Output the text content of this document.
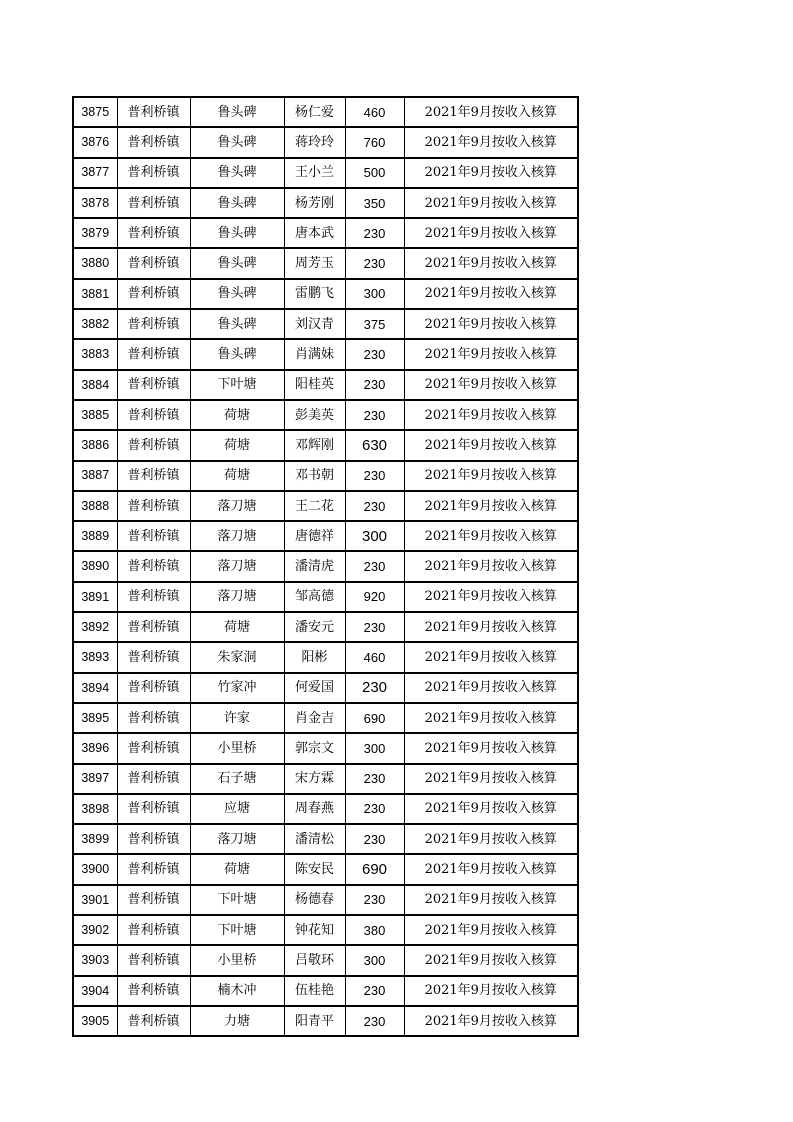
3875	普利桥镇	鲁头碑	杨仁爱	460	2021年9月按收入核算
3876	普利桥镇	鲁头碑	蒋玲玲	760	2021年9月按收入核算
3877	普利桥镇	鲁头碑	王小兰	500	2021年9月按收入核算
3878	普利桥镇	鲁头碑	杨芳刚	350	2021年9月按收入核算
3879	普利桥镇	鲁头碑	唐本武	230	2021年9月按收入核算
3880	普利桥镇	鲁头碑	周芳玉	230	2021年9月按收入核算
3881	普利桥镇	鲁头碑	雷鹏飞	300	2021年9月按收入核算
3882	普利桥镇	鲁头碑	刘汉青	375	2021年9月按收入核算
3883	普利桥镇	鲁头碑	肖满妹	230	2021年9月按收入核算
3884	普利桥镇	下叶塘	阳桂英	230	2021年9月按收入核算
3885	普利桥镇	荷塘	彭美英	230	2021年9月按收入核算
3886	普利桥镇	荷塘	邓辉刚	630	2021年9月按收入核算
3887	普利桥镇	荷塘	邓书朝	230	2021年9月按收入核算
3888	普利桥镇	落刀塘	王二花	230	2021年9月按收入核算
3889	普利桥镇	落刀塘	唐德祥	300	2021年9月按收入核算
3890	普利桥镇	落刀塘	潘清虎	230	2021年9月按收入核算
3891	普利桥镇	落刀塘	邹高德	920	2021年9月按收入核算
3892	普利桥镇	荷塘	潘安元	230	2021年9月按收入核算
3893	普利桥镇	朱家洞	阳彬	460	2021年9月按收入核算
3894	普利桥镇	竹家冲	何爱国	230	2021年9月按收入核算
3895	普利桥镇	许家	肖金吉	690	2021年9月按收入核算
3896	普利桥镇	小里桥	郭宗文	300	2021年9月按收入核算
3897	普利桥镇	石子塘	宋方霖	230	2021年9月按收入核算
3898	普利桥镇	应塘	周春燕	230	2021年9月按收入核算
3899	普利桥镇	落刀塘	潘清松	230	2021年9月按收入核算
3900	普利桥镇	荷塘	陈安民	690	2021年9月按收入核算
3901	普利桥镇	下叶塘	杨德春	230	2021年9月按收入核算
3902	普利桥镇	下叶塘	钟花知	380	2021年9月按收入核算
3903	普利桥镇	小里桥	吕敬环	300	2021年9月按收入核算
3904	普利桥镇	楠木冲	伍桂艳	230	2021年9月按收入核算
3905	普利桥镇	力塘	阳青平	230	2021年9月按收入核算
